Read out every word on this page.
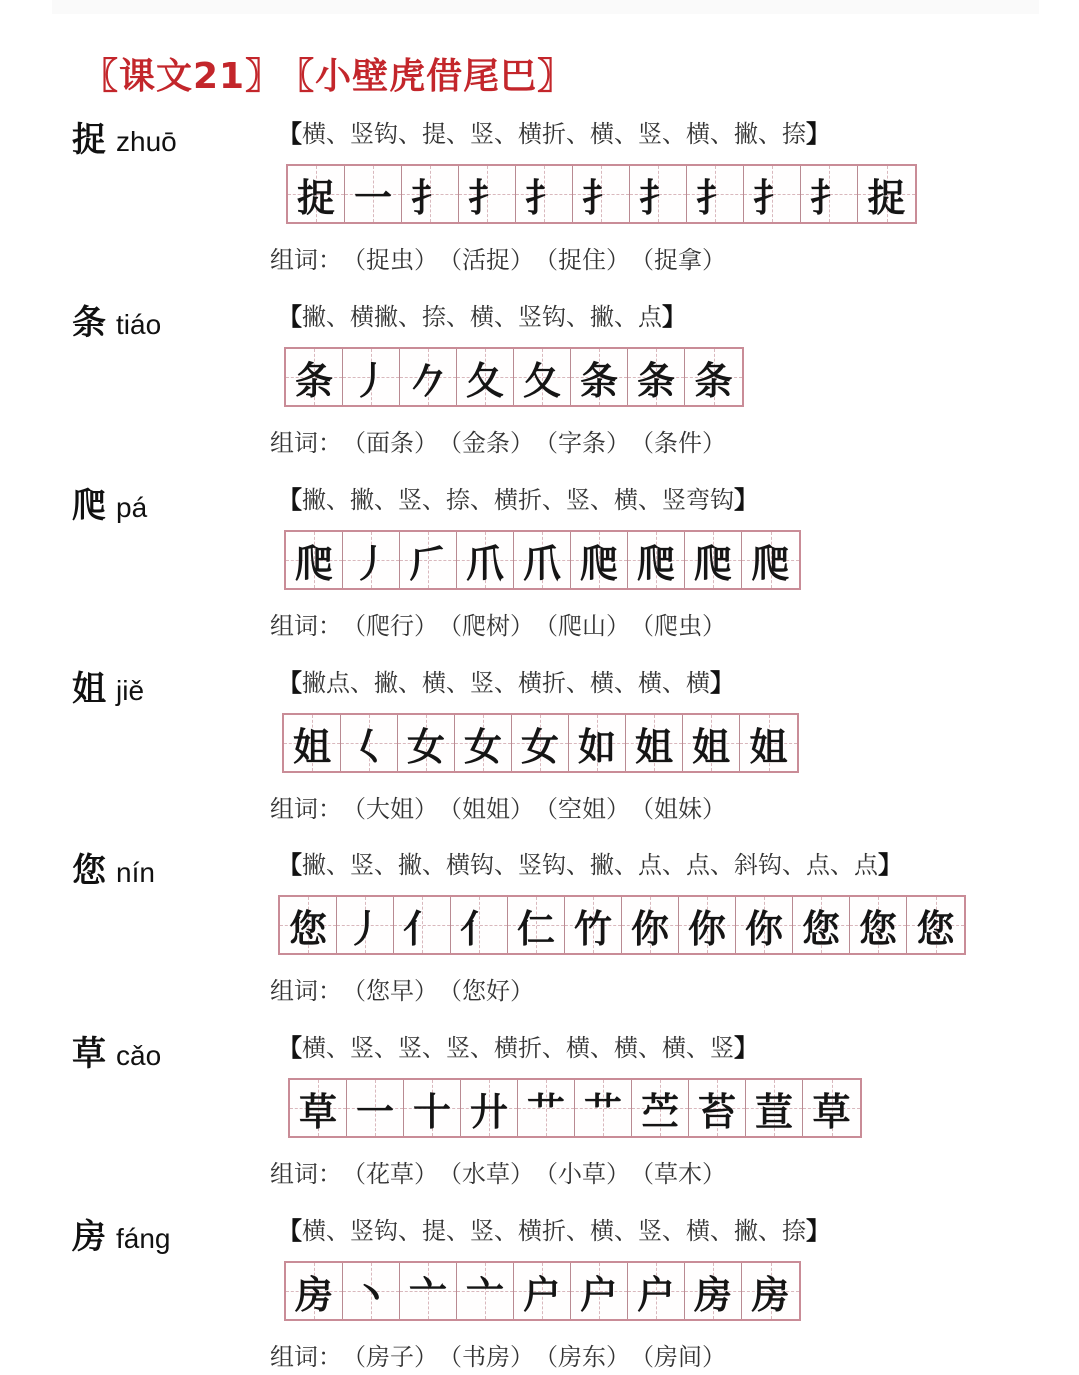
〖课文21〗 〖小壁虎借尾巴〗
捉 zhuō	【横、竖钩、提、竖、横折、横、竖、横、撇、捺】
捉 一 扌 扌 扌 扌 扌 扌 扌 扌 捉
组词： （捉虫） （活捉） （捉住） （捉拿）
条 tiáo	【撇、横撇、捺、横、竖钩、撇、点】
条 丿 𠂊 夂 夂 条 条 条
组词： （面条） （金条） （字条） （条件）
爬 pá	【撇、撇、竖、捺、横折、竖、横、竖弯钩】
爬 丿 𠂆 爪 爪 爬 爬 爬 爬
组词： （爬行） （爬树） （爬山） （爬虫）
姐 jiě	【撇点、撇、横、竖、横折、横、横、横】
姐 𡿨 女 女 女 如 姐 姐 姐
组词： （大姐） （姐姐） （空姐） （姐妹）
您 nín	【撇、竖、撇、横钩、竖钩、撇、点、点、斜钩、点、点】
您 丿 亻 亻 仁 竹 你 你 你 您 您 您
组词： （您早） （您好）
草 cǎo	【横、竖、竖、竖、横折、横、横、横、竖】
草 一 十 廾 艹 艹 苎 苔 荁 草
组词： （花草） （水草） （小草） （草木）
房 fáng	【横、竖钩、提、竖、横折、横、竖、横、撇、捺】
房 丶 亠 亠 户 户 户 房 房
组词： （房子） （书房） （房东） （房间）
